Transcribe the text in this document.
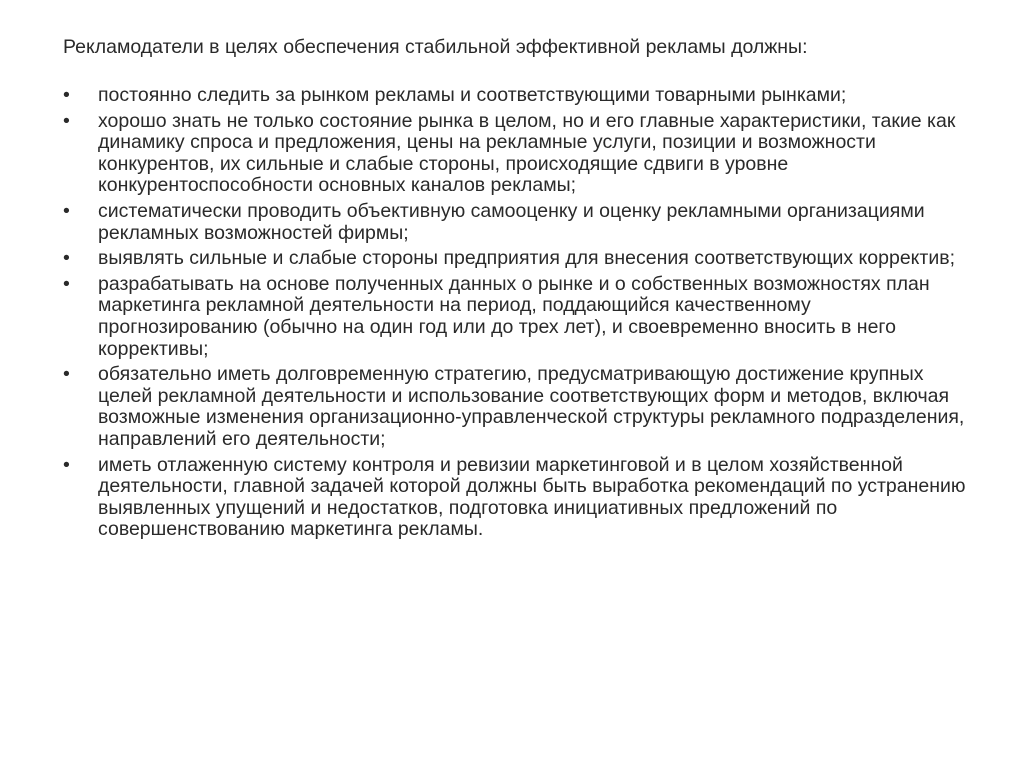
Рекламодатели в целях обеспечения стабильной эффективной рекламы должны:

• постоянно следить за рынком рекламы и соответствующими товарными рынками;
• хорошо знать не только состояние рынка в целом, но и его главные характеристики, такие как динамику спроса и предложения, цены на рекламные услуги, позиции и возможности конкурентов, их сильные и слабые стороны, происходящие сдвиги в уровне конкурентоспособности основных каналов рекламы;
• систематически проводить объективную самооценку и оценку рекламными организациями рекламных возможностей фирмы;
• выявлять сильные и слабые стороны предприятия для внесения соответствующих корректив;
• разрабатывать на основе полученных данных о рынке и о собственных возможностях план маркетинга рекламной деятельности на период, поддающийся качественному прогнозированию (обычно на один год или до трех лет), и своевременно вносить в него коррективы;
• обязательно иметь долговременную стратегию, предусматривающую достижение крупных целей рекламной деятельности и использование соответствующих форм и методов, включая возможные изменения организационно-управленческой структуры рекламного подразделения, направлений его деятельности;
• иметь отлаженную систему контроля и ревизии маркетинговой и в целом хозяйственной деятельности, главной задачей которой должны быть выработка рекомендаций по устранению выявленных упущений и недостатков, подготовка инициативных предложений по совершенствованию маркетинга рекламы.
